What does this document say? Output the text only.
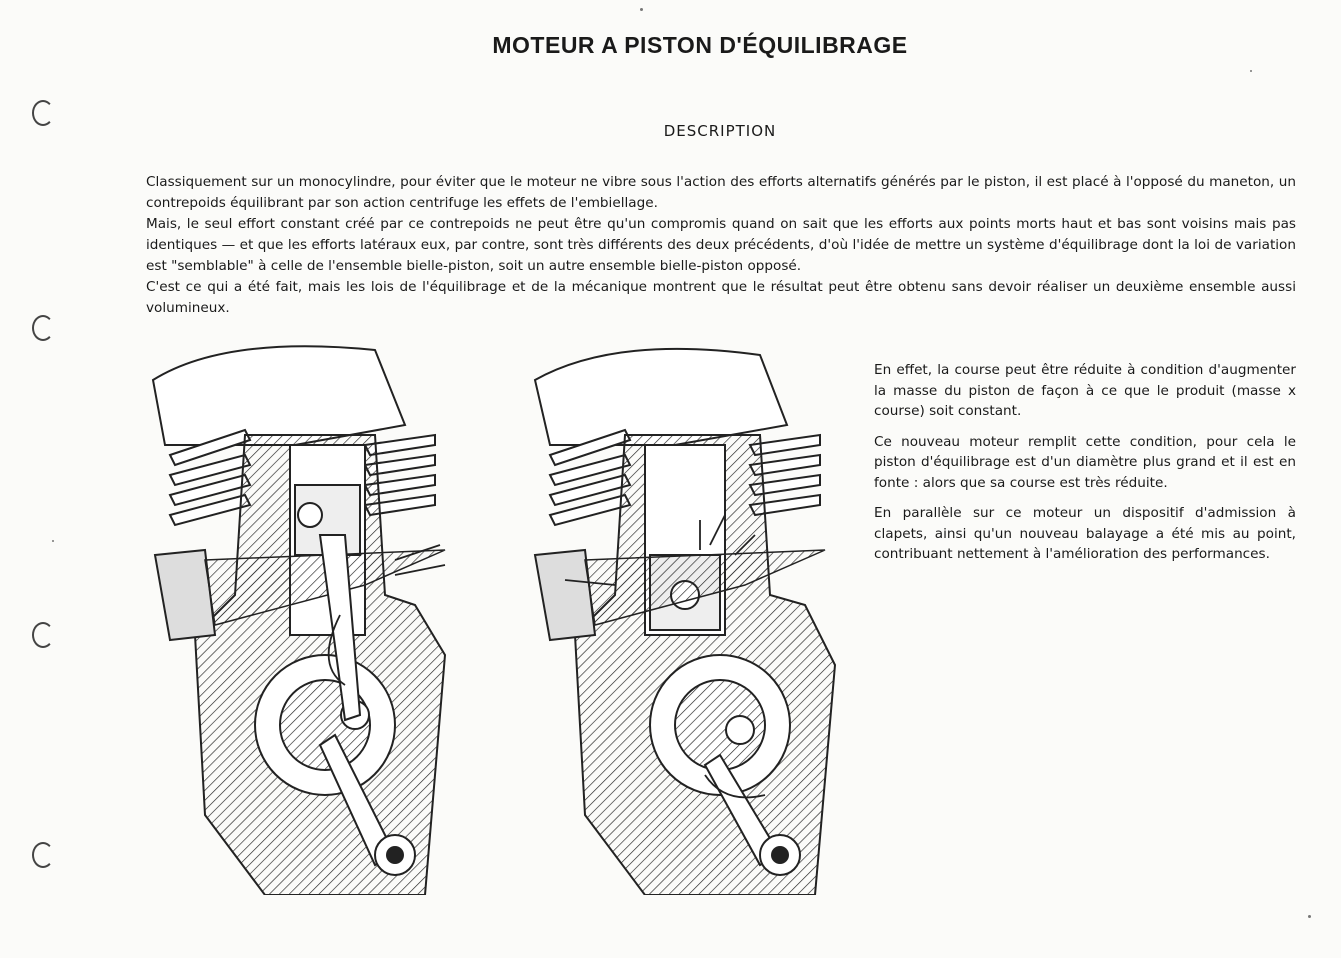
MOTEUR A PISTON D'ÉQUILIBRAGE
DESCRIPTION

Classiquement sur un monocylindre, pour éviter que le moteur ne vibre sous l'action des efforts alternatifs générés par le piston, il est placé à l'opposé du maneton, un contrepoids équilibrant par son action centrifuge les effets de l'embiellage.

Mais, le seul effort constant créé par ce contrepoids ne peut être qu'un compromis quand on sait que les efforts aux points morts haut et bas sont voisins mais pas identiques — et que les efforts latéraux eux, par contre, sont très différents des deux précédents, d'où l'idée de mettre un système d'équilibrage dont la loi de variation est "semblable" à celle de l'ensemble bielle-piston, soit un autre ensemble bielle-piston opposé.

C'est ce qui a été fait, mais les lois de l'équilibrage et de la mécanique montrent que le résultat peut être obtenu sans devoir réaliser un deuxième ensemble aussi volumineux.

En effet, la course peut être réduite à condition d'augmenter la masse du piston de façon à ce que le produit (masse x course) soit constant.

Ce nouveau moteur remplit cette condition, pour cela le piston d'équilibrage est d'un diamètre plus grand et il est en fonte : alors que sa course est très réduite.

En parallèle sur ce moteur un dispositif d'admission à clapets, ainsi qu'un nouveau balayage a été mis au point, contribuant nettement à l'amélioration des performances.
